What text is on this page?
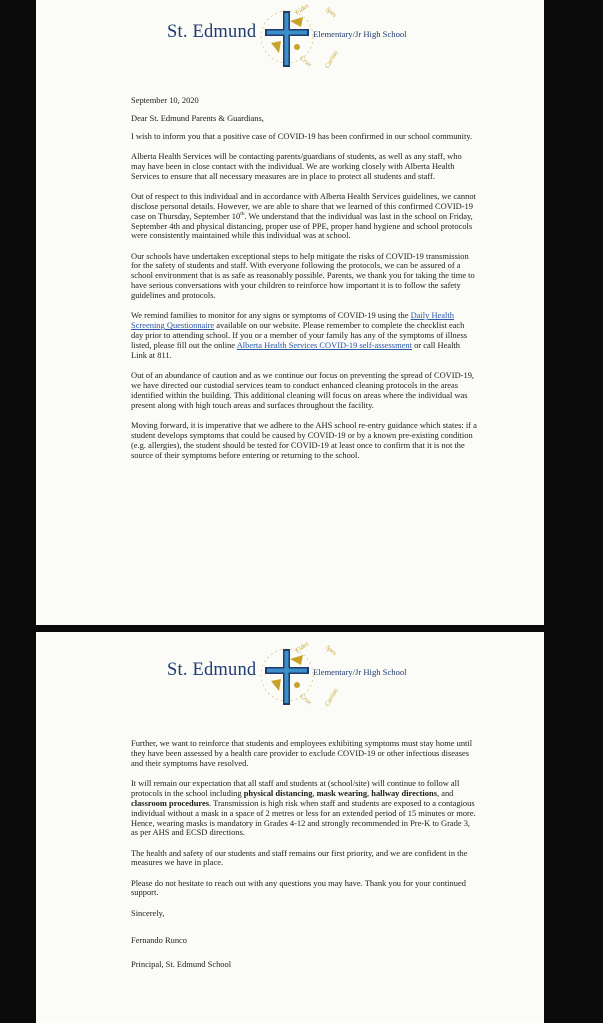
St. Edmund
Fides Spes
Crux Caritas
Elementary/Jr High School

September 10, 2020

Dear St. Edmund Parents & Guardians,

I wish to inform you that a positive case of COVID-19 has been confirmed in our school community.

Alberta Health Services will be contacting parents/guardians of students, as well as any staff, who may have been in close contact with the individual. We are working closely with Alberta Health Services to ensure that all necessary measures are in place to protect all students and staff.

Out of respect to this individual and in accordance with Alberta Health Services guidelines, we cannot disclose personal details. However, we are able to share that we learned of this confirmed COVID-19 case on Thursday, September 10th. We understand that the individual was last in the school on Friday, September 4th and physical distancing, proper use of PPE, proper hand hygiene and school protocols were consistently maintained while this individual was at school.

Our schools have undertaken exceptional steps to help mitigate the risks of COVID-19 transmission for the safety of students and staff. With everyone following the protocols, we can be assured of a school environment that is as safe as reasonably possible. Parents, we thank you for taking the time to have serious conversations with your children to reinforce how important it is to follow the safety guidelines and protocols.

We remind families to monitor for any signs or symptoms of COVID-19 using the Daily Health Screening Questionnaire available on our website. Please remember to complete the checklist each day prior to attending school. If you or a member of your family has any of the symptoms of illness listed, please fill out the online Alberta Health Services COVID-19 self-assessment or call Health Link at 811.

Out of an abundance of caution and as we continue our focus on preventing the spread of COVID-19, we have directed our custodial services team to conduct enhanced cleaning protocols in the areas identified within the building. This additional cleaning will focus on areas where the individual was present along with high touch areas and surfaces throughout the facility.

Moving forward, it is imperative that we adhere to the AHS school re-entry guidance which states: if a student develops symptoms that could be caused by COVID-19 or by a known pre-existing condition (e.g. allergies), the student should be tested for COVID-19 at least once to confirm that it is not the source of their symptoms before entering or returning to the school.

St. Edmund
Fides Spes
Crux Caritas
Elementary/Jr High School

Further, we want to reinforce that students and employees exhibiting symptoms must stay home until they have been assessed by a health care provider to exclude COVID-19 or other infectious diseases and their symptoms have resolved.

It will remain our expectation that all staff and students at (school/site) will continue to follow all protocols in the school including physical distancing, mask wearing, hallway directions, and classroom procedures. Transmission is high risk when staff and students are exposed to a contagious individual without a mask in a space of 2 metres or less for an extended period of 15 minutes or more. Hence, wearing masks is mandatory in Grades 4-12 and strongly recommended in Pre-K to Grade 3, as per AHS and ECSD directions.

The health and safety of our students and staff remains our first priority, and we are confident in the measures we have in place.

Please do not hesitate to reach out with any questions you may have. Thank you for your continued support.

Sincerely,

Fernando Runco

Principal, St. Edmund School
